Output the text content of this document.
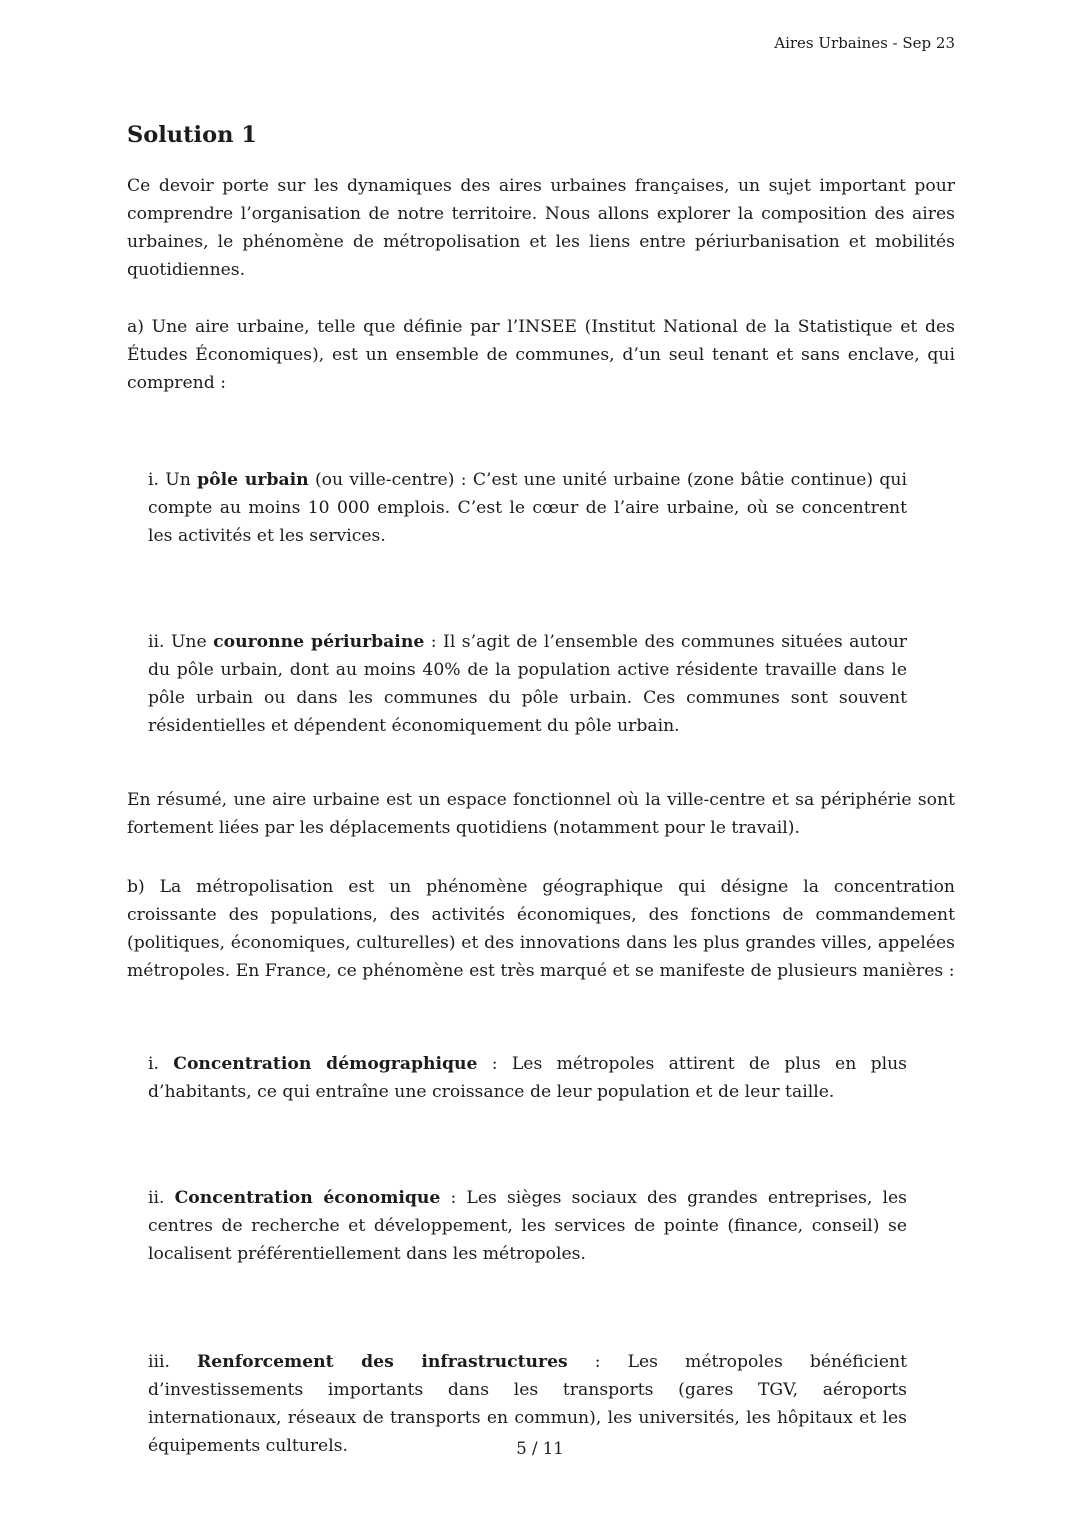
Aires Urbaines - Sep 23
Solution 1

Ce devoir porte sur les dynamiques des aires urbaines françaises, un sujet important pour comprendre l’organisation de notre territoire. Nous allons explorer la composition des aires urbaines, le phénomène de métropolisation et les liens entre périurbanisation et mobilités quotidiennes.

a) Une aire urbaine, telle que définie par l’INSEE (Institut National de la Statistique et des Études Économiques), est un ensemble de communes, d’un seul tenant et sans enclave, qui comprend :

i. Un pôle urbain (ou ville-centre) : C’est une unité urbaine (zone bâtie continue) qui compte au moins 10 000 emplois. C’est le cœur de l’aire urbaine, où se concentrent les activités et les services.

ii. Une couronne périurbaine : Il s’agit de l’ensemble des communes situées autour du pôle urbain, dont au moins 40% de la population active résidente travaille dans le pôle urbain ou dans les communes du pôle urbain. Ces communes sont souvent résidentielles et dépendent économiquement du pôle urbain.

En résumé, une aire urbaine est un espace fonctionnel où la ville-centre et sa périphérie sont fortement liées par les déplacements quotidiens (notamment pour le travail).

b) La métropolisation est un phénomène géographique qui désigne la concentration croissante des populations, des activités économiques, des fonctions de commandement (politiques, économiques, culturelles) et des innovations dans les plus grandes villes, appelées métropoles. En France, ce phénomène est très marqué et se manifeste de plusieurs manières :

i. Concentration démographique : Les métropoles attirent de plus en plus d’habitants, ce qui entraîne une croissance de leur population et de leur taille.

ii. Concentration économique : Les sièges sociaux des grandes entreprises, les centres de recherche et développement, les services de pointe (finance, conseil) se localisent préférentiellement dans les métropoles.

iii. Renforcement des infrastructures : Les métropoles bénéficient d’investissements importants dans les transports (gares TGV, aéroports internationaux, réseaux de transports en commun), les universités, les hôpitaux et les équipements culturels.	5 / 11
